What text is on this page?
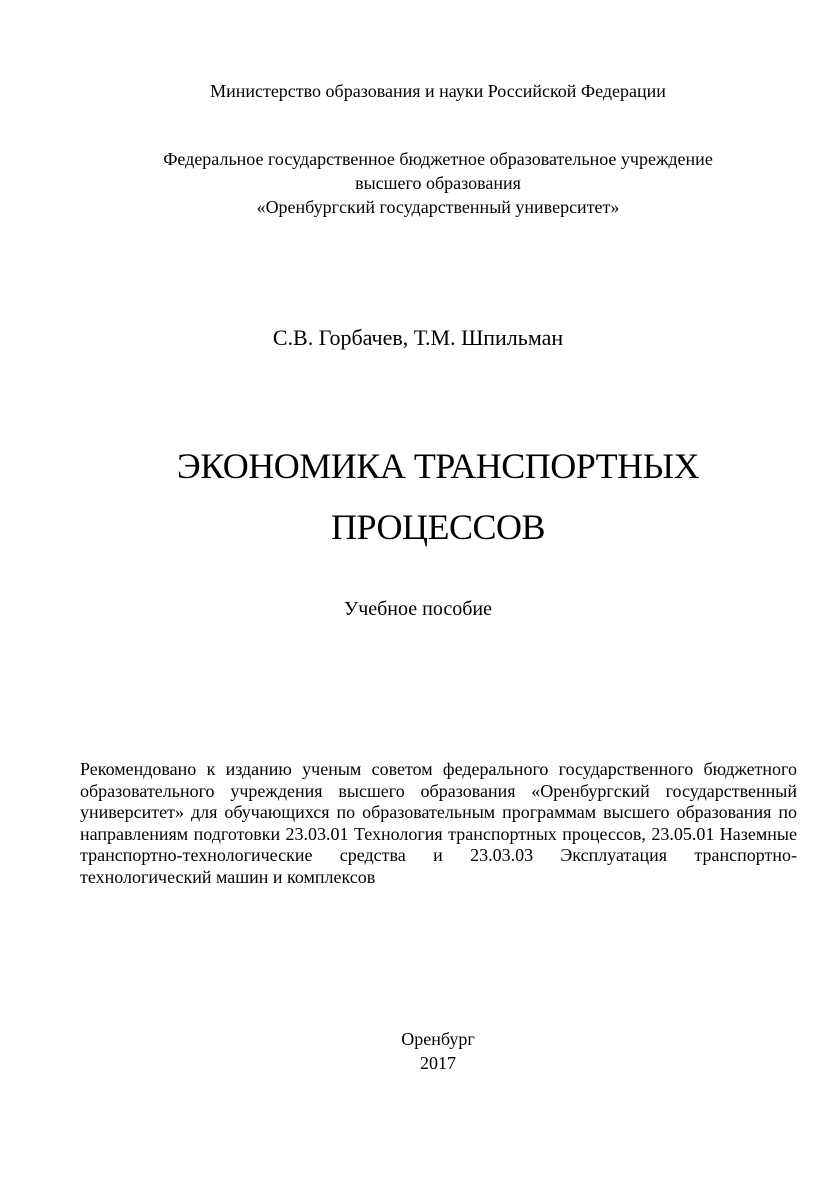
Министерство образования и науки Российской Федерации
Федеральное государственное бюджетное образовательное учреждение
высшего образования
«Оренбургский государственный университет»
С.В. Горбачев, Т.М. Шпильман
ЭКОНОМИКА ТРАНСПОРТНЫХ
ПРОЦЕССОВ
Учебное пособие
Рекомендовано к изданию ученым советом федерального государственного бюджетного образовательного учреждения высшего образования «Оренбургский государственный университет» для обучающихся по образовательным программам высшего образования по направлениям подготовки 23.03.01 Технология транспортных процессов, 23.05.01 Наземные транспортно-технологические средства и 23.03.03 Эксплуатация транспортно-технологический машин и комплексов
Оренбург
2017
